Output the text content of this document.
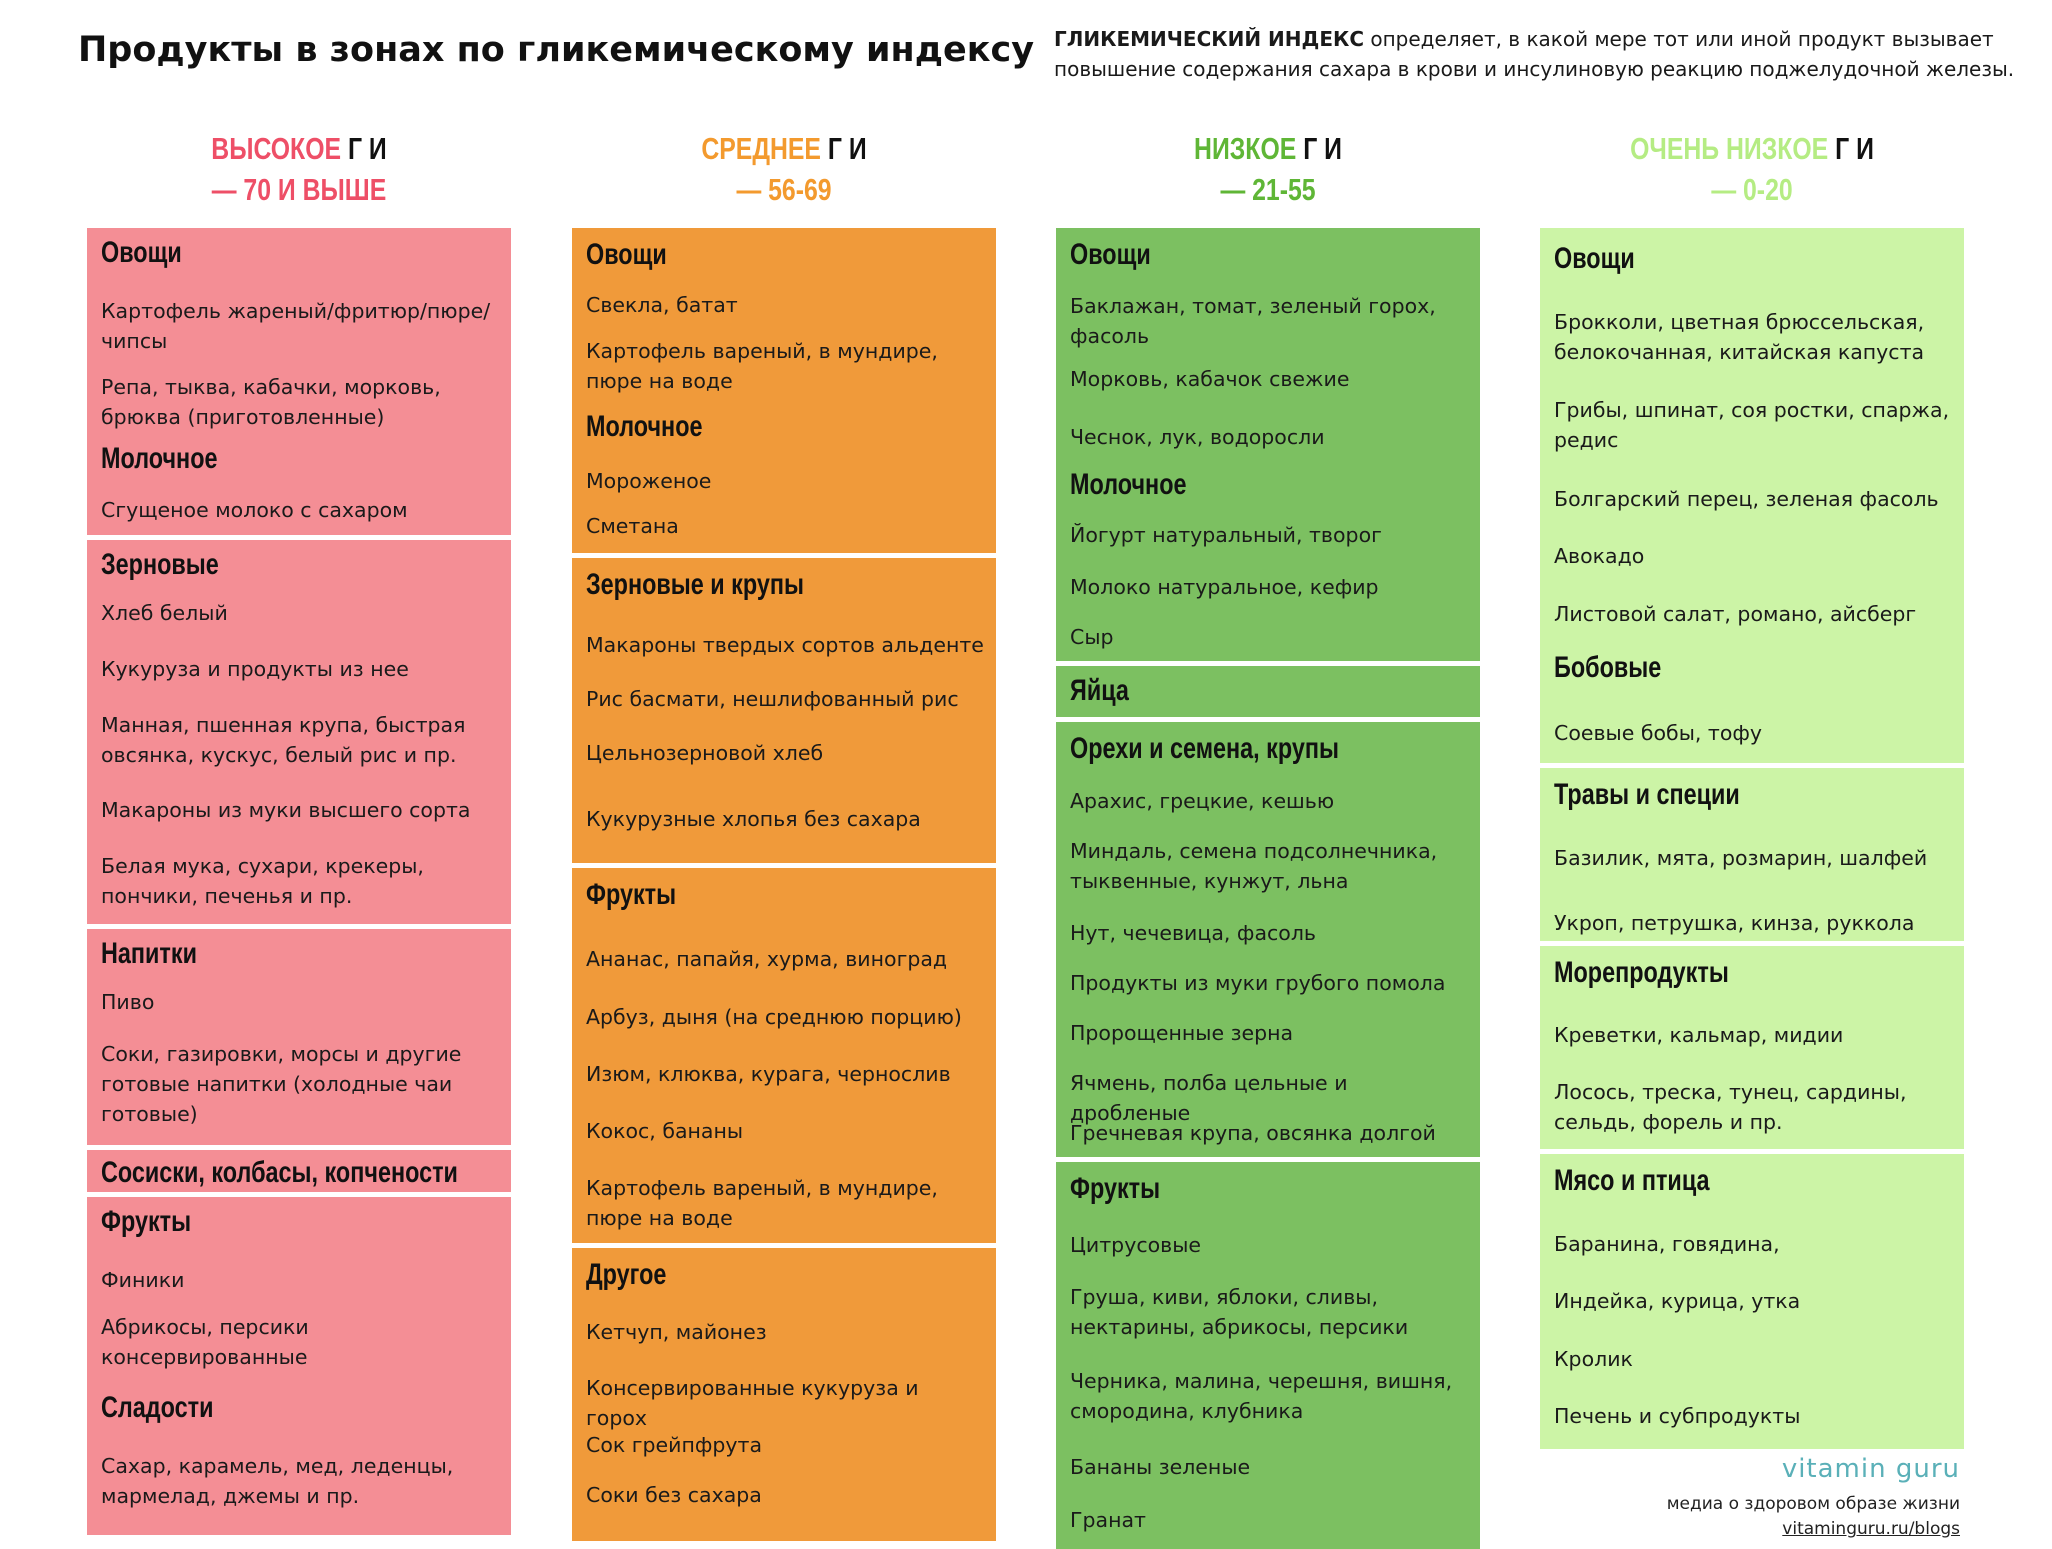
Продукты в зонах по гликемическому индексу ГЛИКЕМИЧЕСКИЙ ИНДЕКС определяет, в какой мере тот или иной продукт вызывает
повышение содержания сахара в крови и инсулиновую реакцию поджелудочной железы.
ВЫСОКОЕ Г И
— 70 И ВЫШЕ
СРЕДНЕЕ Г И
— 56-69
НИЗКОЕ Г И
— 21-55
ОЧЕНЬ НИЗКОЕ Г И
— 0-20
Овощи
Картофель жареный/фритюр/пюре/
чипсы
Репа, тыква, кабачки, морковь,
брюква (приготовленные)
Молочное
Сгущеное молоко с сахаром
Зерновые
Хлеб белый
Кукуруза и продукты из нее
Манная, пшенная крупа, быстрая
овсянка, кускус, белый рис и пр.
Макароны из муки высшего сорта
Белая мука, сухари, крекеры,
пончики, печенья и пр.
Напитки
Пиво
Соки, газировки, морсы и другие
готовые напитки (холодные чаи
готовые)
Сосиски, колбасы, копчености
Фрукты
Финики
Абрикосы, персики
консервированные
Сладости
Сахар, карамель, мед, леденцы,
мармелад, джемы и пр.
Овощи
Свекла, батат
Картофель вареный, в мундире,
пюре на воде
Молочное
Мороженое
Сметана
Зерновые и крупы
Макароны твердых сортов альденте
Рис басмати, нешлифованный рис
Цельнозерновой хлеб
Кукурузные хлопья без сахара
Фрукты
Ананас, папайя, хурма, виноград
Арбуз, дыня (на среднюю порцию)
Изюм, клюква, курага, чернослив
Кокос, бананы
Картофель вареный, в мундире,
пюре на воде
Другое
Кетчуп, майонез
Консервированные кукуруза и горох
Сок грейпфрута
Соки без сахара
Овощи
Баклажан, томат, зеленый горох,
фасоль
Морковь, кабачок свежие
Чеснок, лук, водоросли
Молочное
Йогурт натуральный, творог
Молоко натуральное, кефир
Сыр
Яйца
Орехи и семена, крупы
Арахис, грецкие, кешью
Миндаль, семена подсолнечника,
тыквенные, кунжут, льна
Нут, чечевица, фасоль
Продукты из муки грубого помола
Пророщенные зерна
Ячмень, полба цельные и дробленые
Гречневая крупа, овсянка долгой
Фрукты
Цитрусовые
Груша, киви, яблоки, сливы,
нектарины, абрикосы, персики
Черника, малина, черешня, вишня,
смородина, клубника
Бананы зеленые
Гранат
Овощи
Брокколи, цветная брюссельская,
белокочанная, китайская капуста
Грибы, шпинат, соя ростки, спаржа,
редис
Болгарский перец, зеленая фасоль
Авокадо
Листовой салат, романо, айсберг
Бобовые
Соевые бобы, тофу
Травы и специи
Базилик, мята, розмарин, шалфей
Укроп, петрушка, кинза, руккола
Морепродукты
Креветки, кальмар, мидии
Лосось, треска, тунец, сардины,
сельдь, форель и пр.
Мясо и птица
Баранина, говядина,
Индейка, курица, утка
Кролик
Печень и субпродукты
vitamin guru
медиа о здоровом образе жизни
vitaminguru.ru/blogs
